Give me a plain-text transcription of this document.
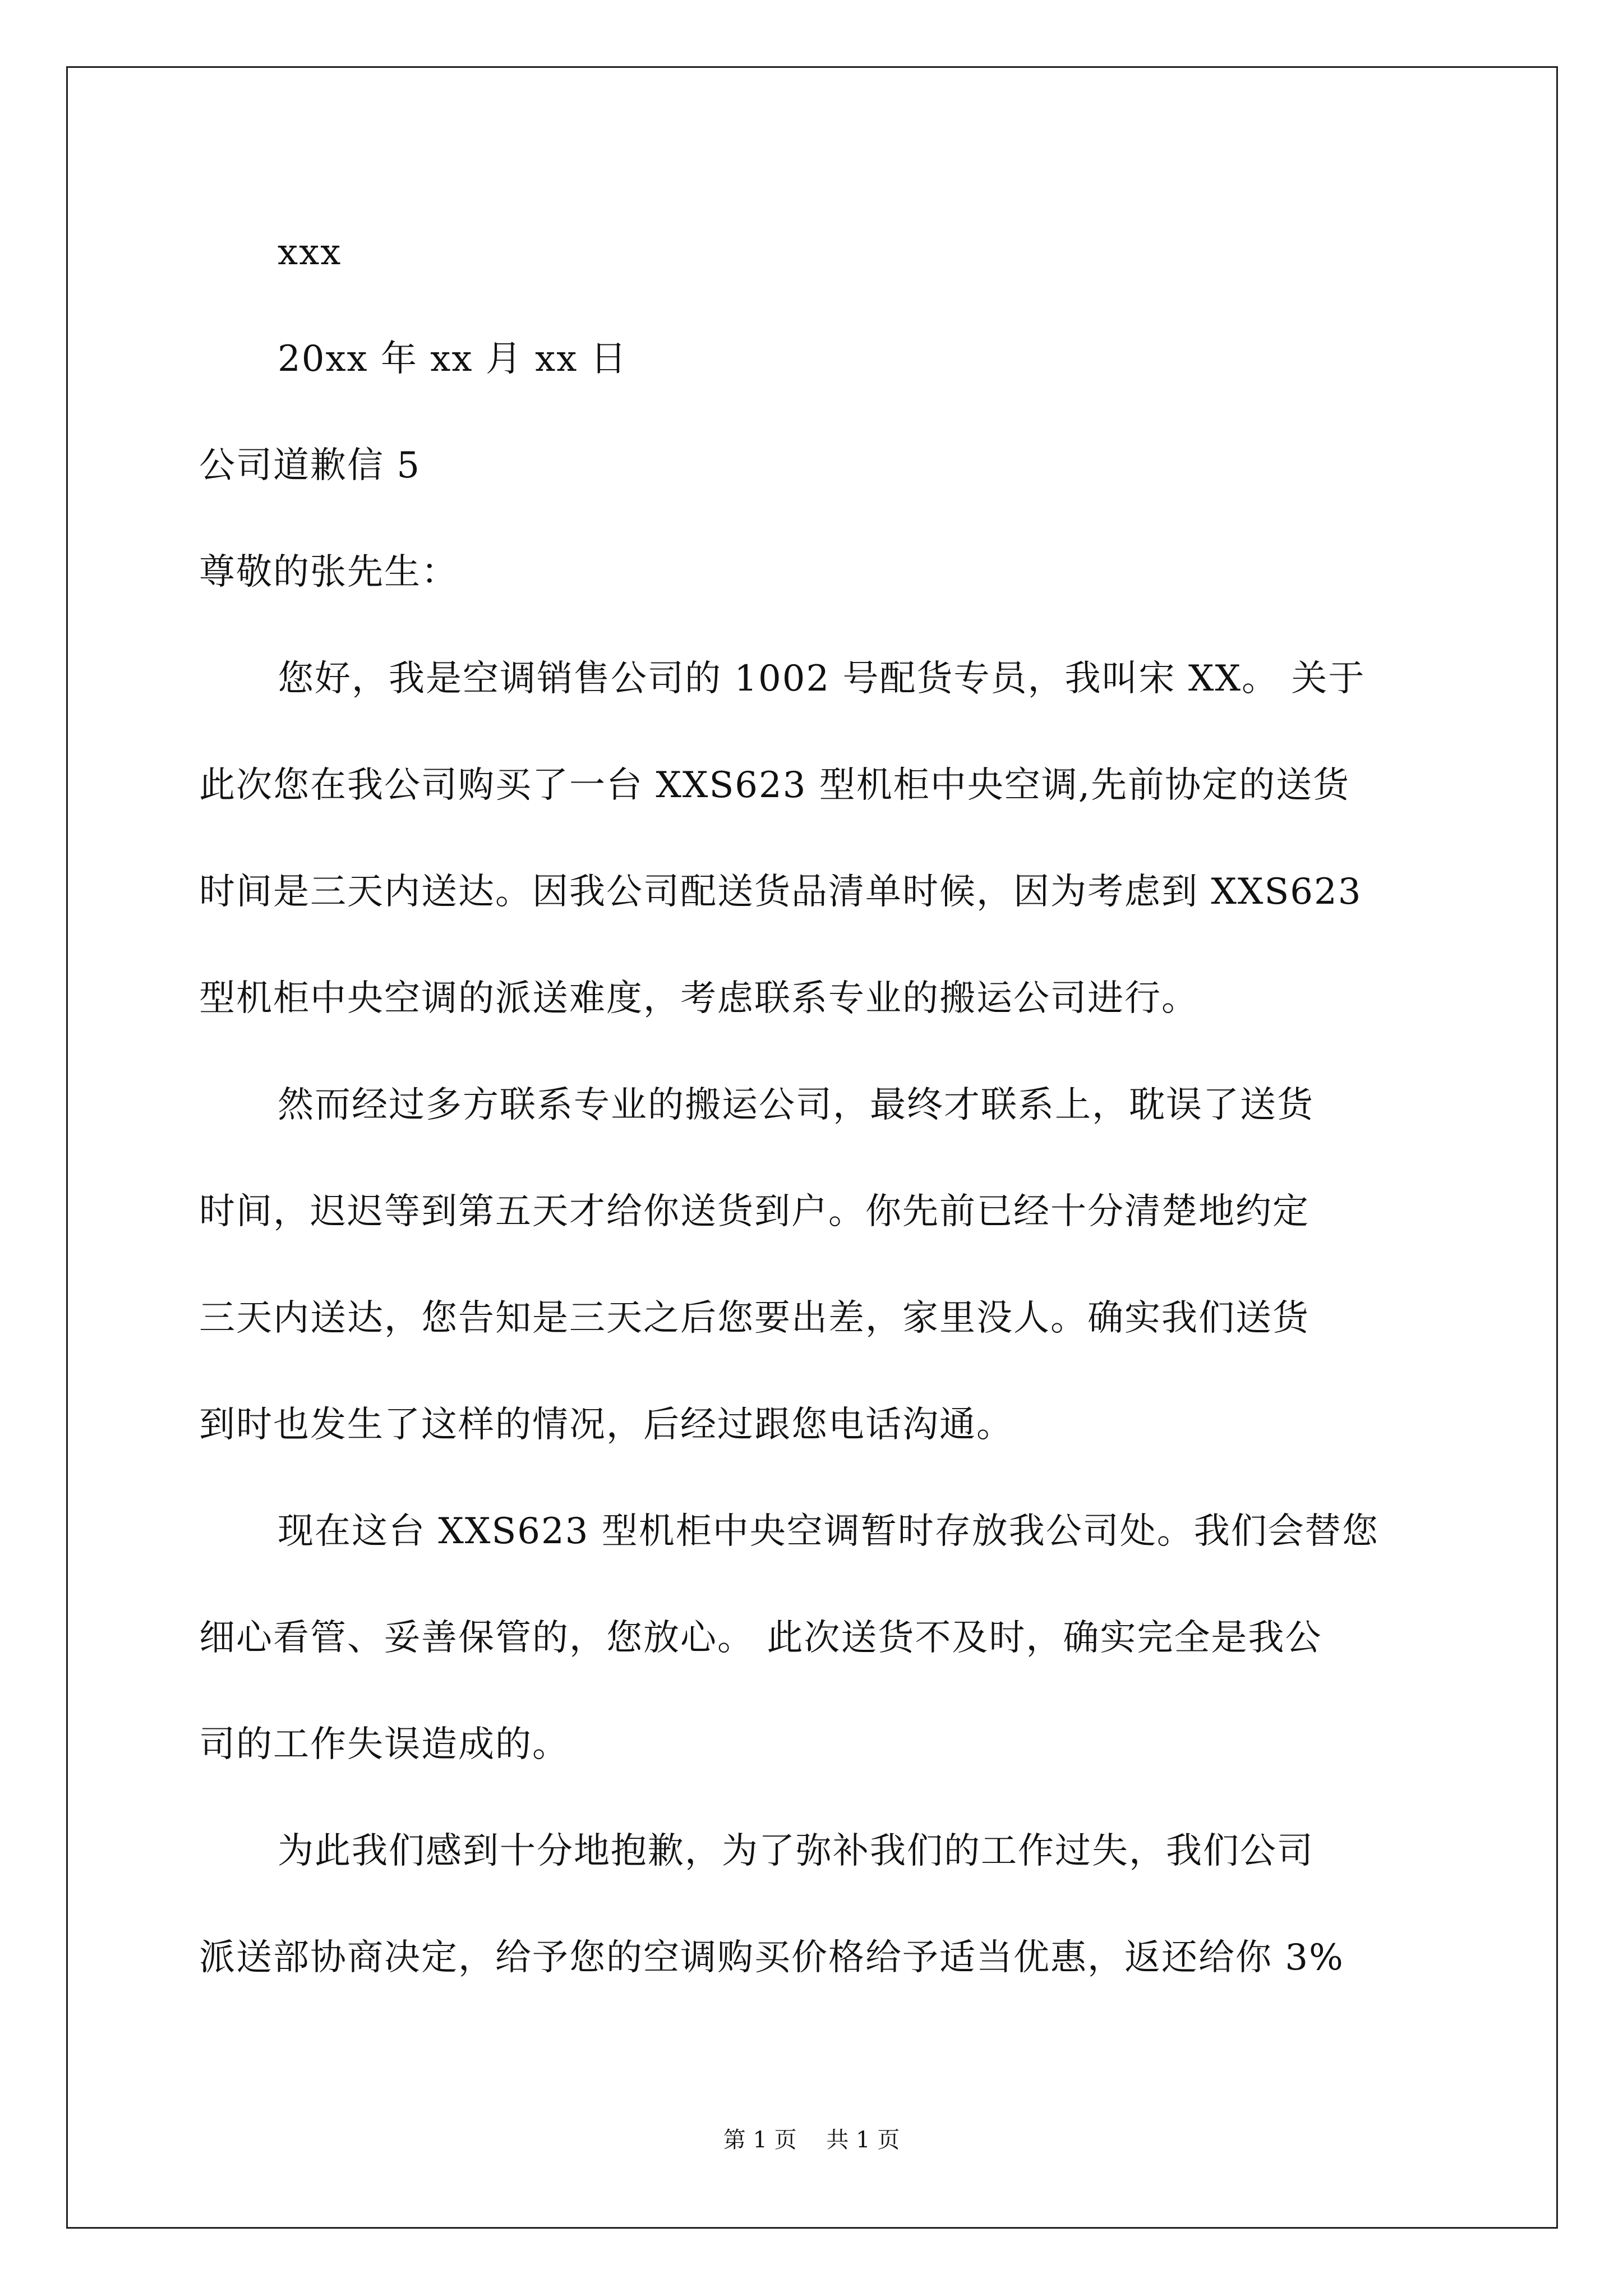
xxx
20xx 年 xx 月 xx 日
公司道歉信 5
尊敬的张先生：
您好，我是空调销售公司的 1002 号配货专员，我叫宋 XX。 关于
此次您在我公司购买了一台 XXS623 型机柜中央空调,先前协定的送货
时间是三天内送达。因我公司配送货品清单时候，因为考虑到 XXS623
型机柜中央空调的派送难度，考虑联系专业的搬运公司进行。
然而经过多方联系专业的搬运公司，最终才联系上，耽误了送货
时间，迟迟等到第五天才给你送货到户。你先前已经十分清楚地约定
三天内送达，您告知是三天之后您要出差，家里没人。确实我们送货
到时也发生了这样的情况，后经过跟您电话沟通。
现在这台 XXS623 型机柜中央空调暂时存放我公司处。我们会替您
细心看管、妥善保管的，您放心。 此次送货不及时，确实完全是我公
司的工作失误造成的。
为此我们感到十分地抱歉，为了弥补我们的工作过失，我们公司
派送部协商决定，给予您的空调购买价格给予适当优惠，返还给你 3%
第 1 页 共 1 页
